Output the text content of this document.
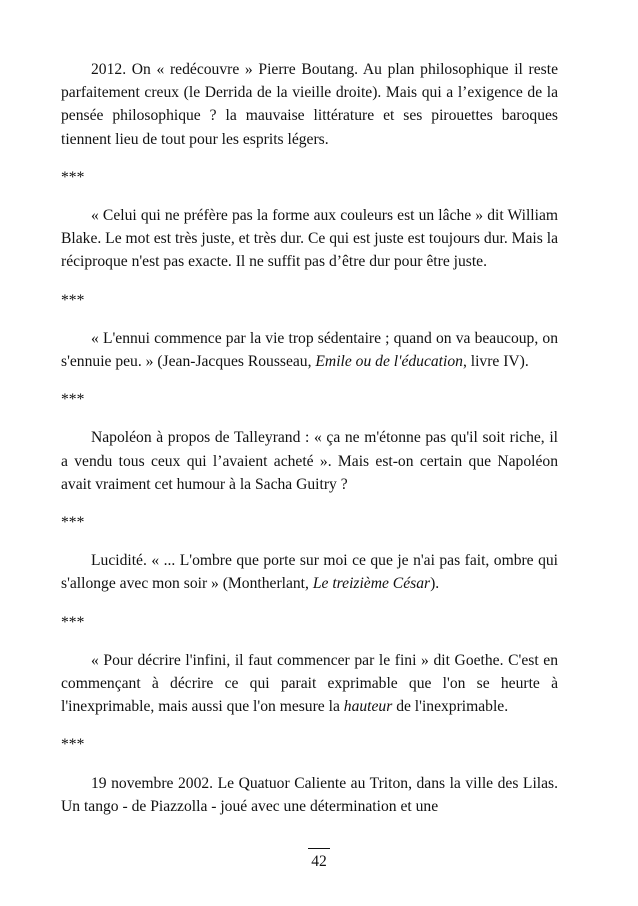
2012. On « redécouvre » Pierre Boutang. Au plan philosophique il reste parfaitement creux (le Derrida de la vieille droite). Mais qui a l’exigence de la pensée philosophique ? la mauvaise littérature et ses pirouettes baroques tiennent lieu de tout pour les esprits légers.

***

« Celui qui ne préfère pas la forme aux couleurs est un lâche » dit William Blake. Le mot est très juste, et très dur. Ce qui est juste est toujours dur. Mais la réciproque n'est pas exacte. Il ne suffit pas d’être dur pour être juste.

***

« L'ennui commence par la vie trop sédentaire ; quand on va beaucoup, on s'ennuie peu. » (Jean-Jacques Rousseau, Emile ou de l'éducation, livre IV).

***

Napoléon à propos de Talleyrand : « ça ne m'étonne pas qu'il soit riche, il a vendu tous ceux qui l’avaient acheté ». Mais est-on certain que Napoléon avait vraiment cet humour à la Sacha Guitry ?

***

Lucidité. « ... L'ombre que porte sur moi ce que je n'ai pas fait, ombre qui s'allonge avec mon soir » (Montherlant, Le treizième César).

***

« Pour décrire l'infini, il faut commencer par le fini » dit Goethe. C'est en commençant à décrire ce qui parait exprimable que l'on se heurte à l'inexprimable, mais aussi que l'on mesure la hauteur de l'inexprimable.

***

19 novembre 2002. Le Quatuor Caliente au Triton, dans la ville des Lilas. Un tango - de Piazzolla - joué avec une détermination et une

42
